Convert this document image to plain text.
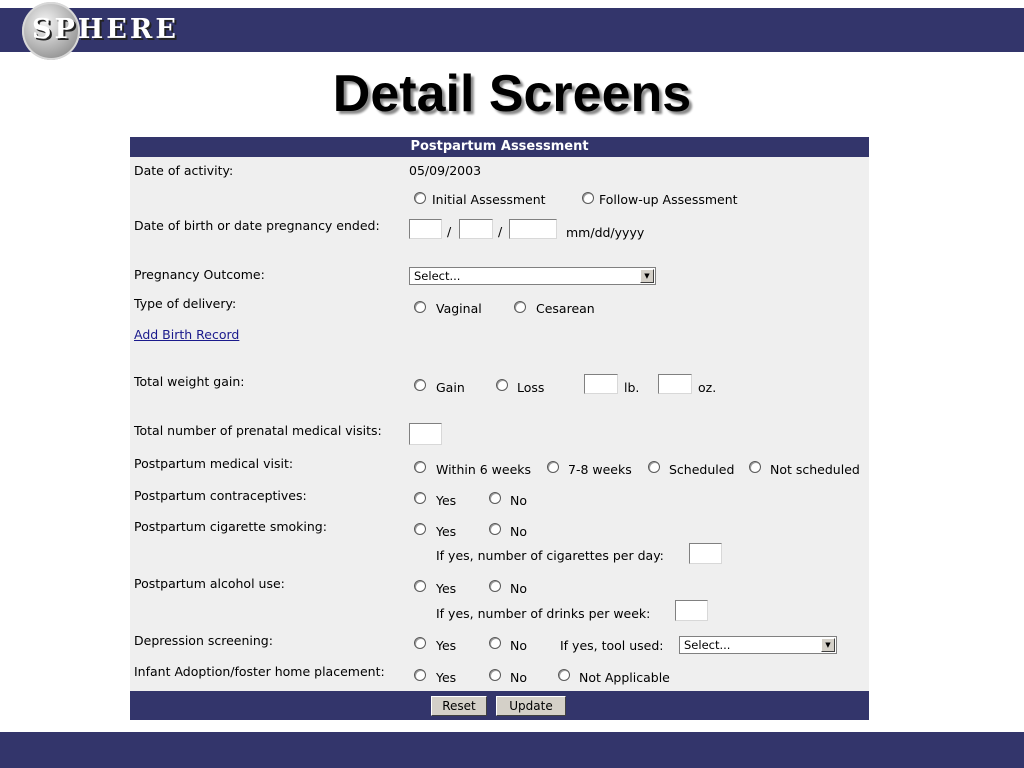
SPHERE
Detail Screens
Postpartum Assessment
Date of activity:	05/09/2003
Initial Assessment	Follow-up Assessment
Date of birth or date pregnancy ended:	/	/	mm/dd/yyyy
Pregnancy Outcome:	Select...	▼
Type of delivery:	Vaginal	Cesarean
Add Birth Record
Total weight gain:	Gain	Loss	lb.	oz.
Total number of prenatal medical visits:
Postpartum medical visit:	Within 6 weeks	7-8 weeks	Scheduled	Not scheduled
Postpartum contraceptives:	Yes	No
Postpartum cigarette smoking:	Yes	No
If yes, number of cigarettes per day:
Postpartum alcohol use:	Yes	No
If yes, number of drinks per week:
Depression screening:	Yes	No	If yes, tool used:	Select...	▼
Infant Adoption/foster home placement:	Yes	No	Not Applicable
Reset	Update
